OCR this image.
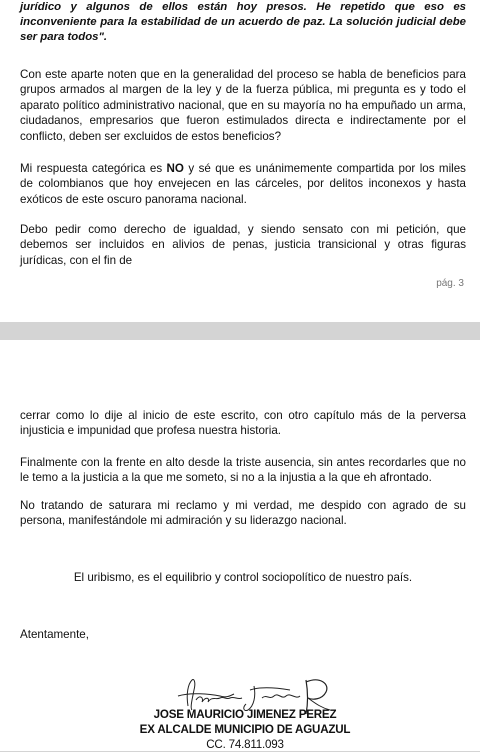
jurídico y algunos de ellos están hoy presos. He repetido que eso es inconveniente para la estabilidad de un acuerdo de paz. La solución judicial debe ser para todos".

Con este aparte noten que en la generalidad del proceso se habla de beneficios para grupos armados al margen de la ley y de la fuerza pública, mi pregunta es y todo el aparato político administrativo nacional, que en su mayoría no ha empuñado un arma, ciudadanos, empresarios que fueron estimulados directa e indirectamente por el conflicto, deben ser excluidos de estos beneficios?

Mi respuesta categórica es NO y sé que es unánimemente compartida por los miles de colombianos que hoy envejecen en las cárceles, por delitos inconexos y hasta exóticos de este oscuro panorama nacional.

Debo pedir como derecho de igualdad, y siendo sensato con mi petición, que debemos ser incluidos en alivios de penas, justicia transicional y otras figuras jurídicas, con el fin de

pág. 3

cerrar como lo dije al inicio de este escrito, con otro capítulo más de la perversa injusticia e impunidad que profesa nuestra historia.

Finalmente con la frente en alto desde la triste ausencia, sin antes recordarles que no le temo a la justicia a la que me someto, si no a la injustia a la que eh afrontado.

No tratando de saturara mi reclamo y mi verdad, me despido con agrado de su persona, manifestándole mi admiración y su liderazgo nacional.

El uribismo, es el equilibrio y control sociopolítico de nuestro país.

Atentamente,

JOSE MAURICIO JIMENEZ PEREZ
EX ALCALDE MUNICIPIO DE AGUAZUL
CC. 74.811.093
